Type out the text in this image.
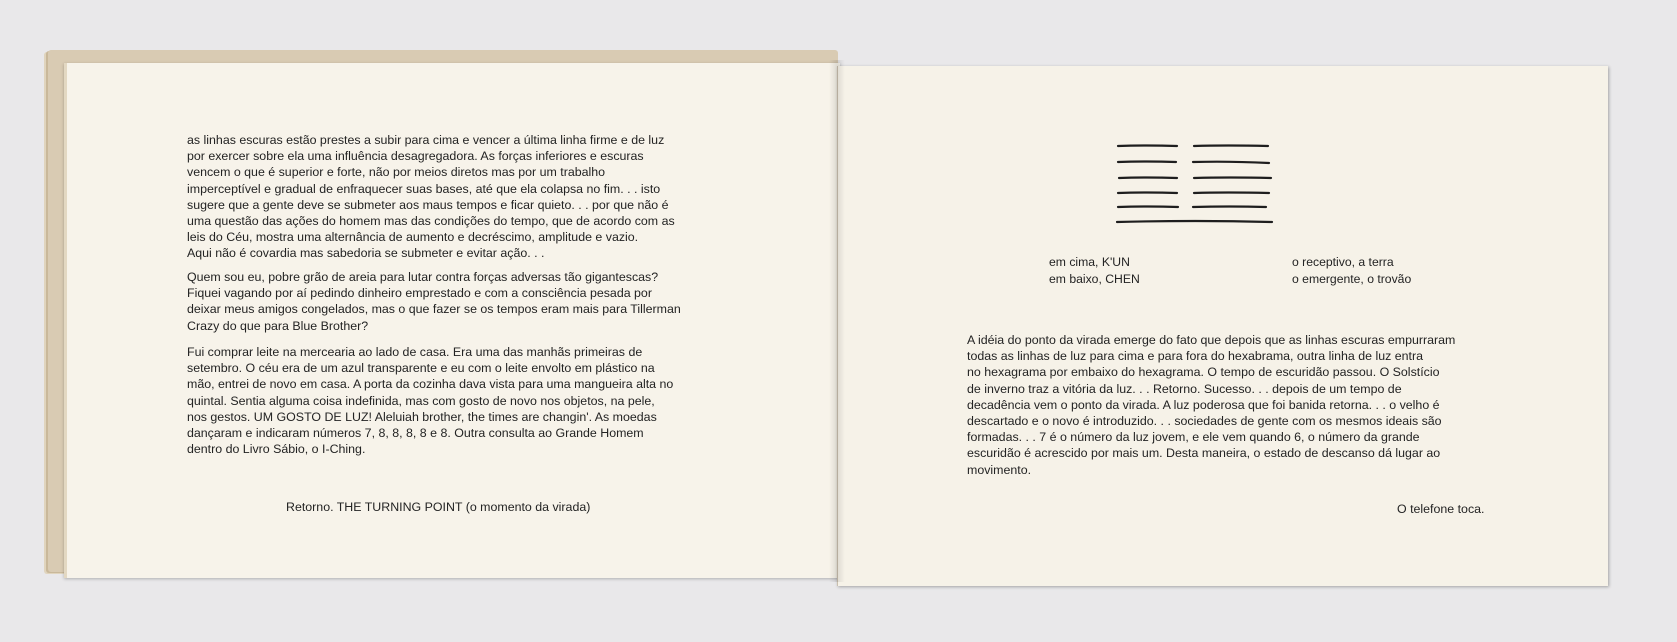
as linhas escuras estão prestes a subir para cima e vencer a última linha firme e de luz
por exercer sobre ela uma influência desagregadora. As forças inferiores e escuras
vencem o que é superior e forte, não por meios diretos mas por um trabalho
imperceptível e gradual de enfraquecer suas bases, até que ela colapsa no fim. . . isto
sugere que a gente deve se submeter aos maus tempos e ficar quieto. . . por que não é
uma questão das ações do homem mas das condições do tempo, que de acordo com as
leis do Céu, mostra uma alternância de aumento e decréscimo, amplitude e vazio.
Aqui não é covardia mas sabedoria se submeter e evitar ação. . .

Quem sou eu, pobre grão de areia para lutar contra forças adversas tão gigantescas?
Fiquei vagando por aí pedindo dinheiro emprestado e com a consciência pesada por
deixar meus amigos congelados, mas o que fazer se os tempos eram mais para Tillerman
Crazy do que para Blue Brother?

Fui comprar leite na mercearia ao lado de casa. Era uma das manhãs primeiras de
setembro. O céu era de um azul transparente e eu com o leite envolto em plástico na
mão, entrei de novo em casa. A porta da cozinha dava vista para uma mangueira alta no
quintal. Sentia alguma coisa indefinida, mas com gosto de novo nos objetos, na pele,
nos gestos. UM GOSTO DE LUZ! Aleluiah brother, the times are changin'. As moedas
dançaram e indicaram números 7, 8, 8, 8, 8 e 8. Outra consulta ao Grande Homem
dentro do Livro Sábio, o I-Ching.

Retorno. THE TURNING POINT (o momento da virada)
em cima, K'UN	o receptivo, a terra
em baixo, CHEN	o emergente, o trovão

A idéia do ponto da virada emerge do fato que depois que as linhas escuras empurraram
todas as linhas de luz para cima e para fora do hexabrama, outra linha de luz entra
no hexagrama por embaixo do hexagrama. O tempo de escuridão passou. O Solstício
de inverno traz a vitória da luz. . . Retorno. Sucesso. . . depois de um tempo de
decadência vem o ponto da virada. A luz poderosa que foi banida retorna. . . o velho é
descartado e o novo é introduzido. . . sociedades de gente com os mesmos ideais são
formadas. . . 7 é o número da luz jovem, e ele vem quando 6, o número da grande
escuridão é acrescido por mais um. Desta maneira, o estado de descanso dá lugar ao
movimento.

O telefone toca.
